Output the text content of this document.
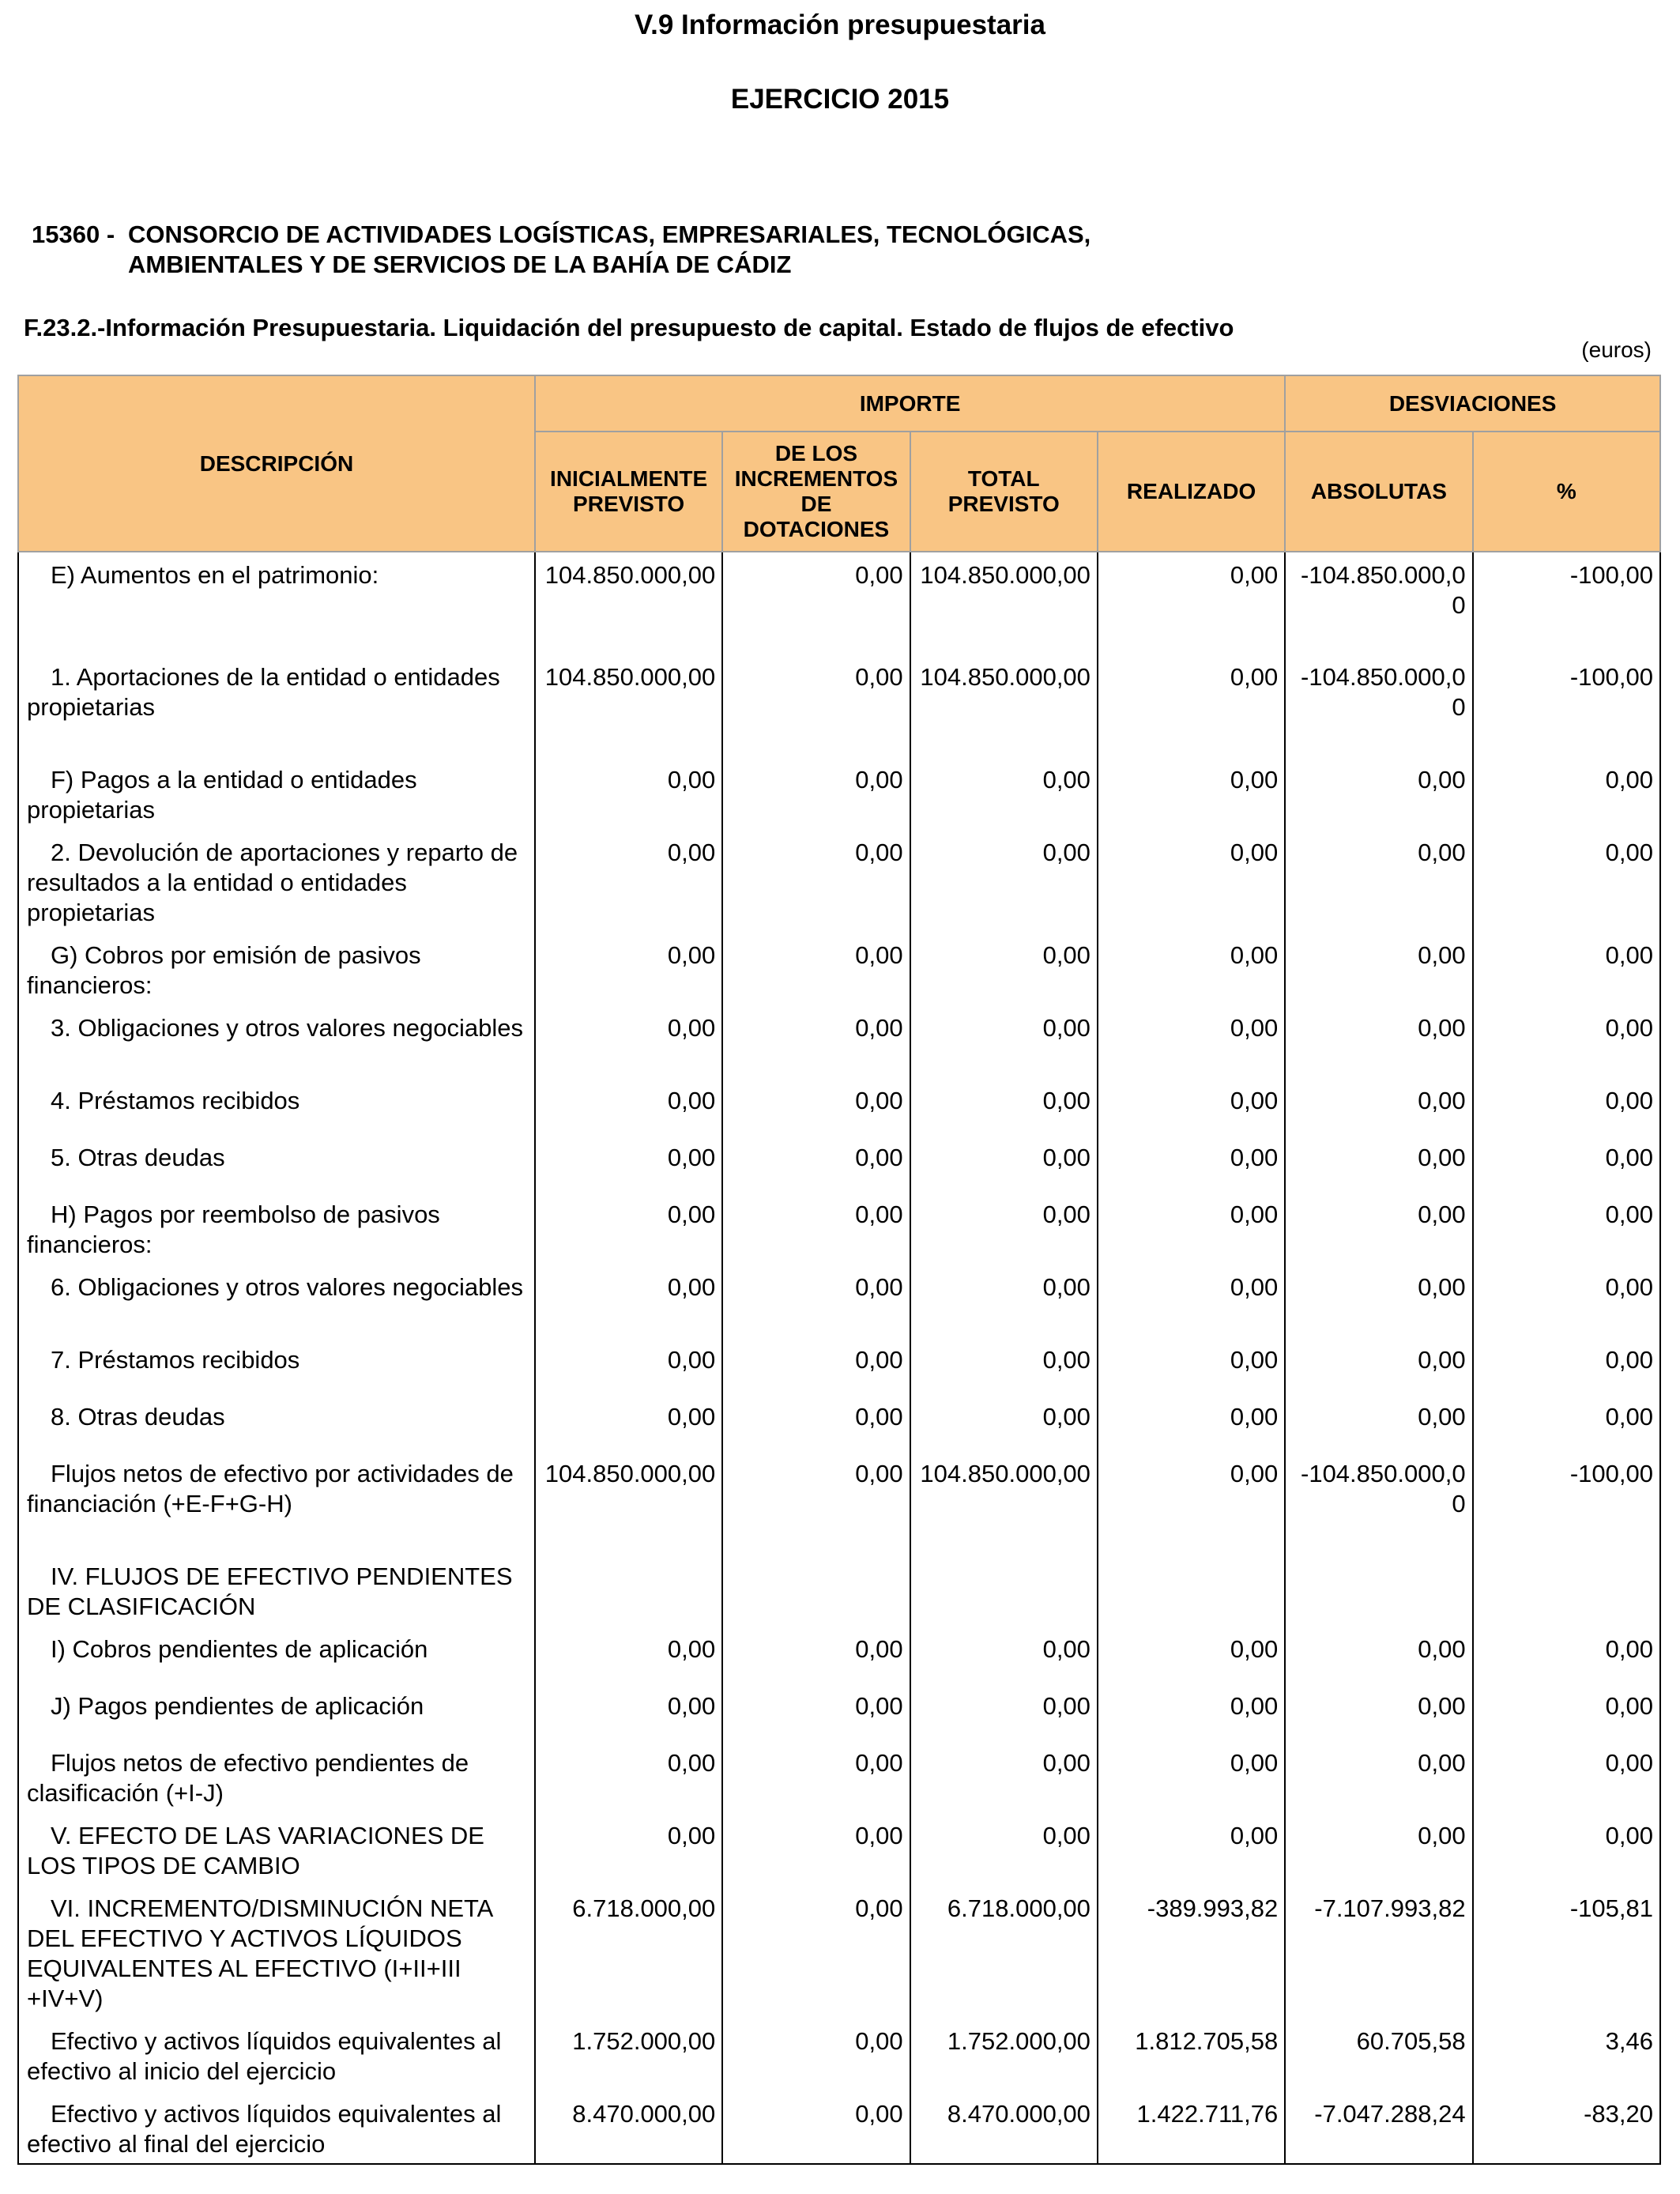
V.9 Información presupuestaria
EJERCICIO 2015
15360 - CONSORCIO DE ACTIVIDADES LOGÍSTICAS, EMPRESARIALES, TECNOLÓGICAS,
AMBIENTALES Y DE SERVICIOS DE LA BAHÍA DE CÁDIZ
F.23.2.-Información Presupuestaria. Liquidación del presupuesto de capital. Estado de flujos de efectivo
(euros)
DESCRIPCIÓN	IMPORTE				DESVIACIONES	
	INICIALMENTE PREVISTO	DE LOS INCREMENTOS DE DOTACIONES	TOTAL PREVISTO	REALIZADO	ABSOLUTAS	%
E) Aumentos en el patrimonio:	104.850.000,00	0,00	104.850.000,00	0,00	-104.850.000,00	-100,00
1. Aportaciones de la entidad o entidades propietarias	104.850.000,00	0,00	104.850.000,00	0,00	-104.850.000,00	-100,00
F) Pagos a la entidad o entidades propietarias	0,00	0,00	0,00	0,00	0,00	0,00
2. Devolución de aportaciones y reparto de resultados a la entidad o entidades propietarias	0,00	0,00	0,00	0,00	0,00	0,00
G) Cobros por emisión de pasivos financieros:	0,00	0,00	0,00	0,00	0,00	0,00
3. Obligaciones y otros valores negociables	0,00	0,00	0,00	0,00	0,00	0,00
4. Préstamos recibidos	0,00	0,00	0,00	0,00	0,00	0,00
5. Otras deudas	0,00	0,00	0,00	0,00	0,00	0,00
H) Pagos por reembolso de pasivos financieros:	0,00	0,00	0,00	0,00	0,00	0,00
6. Obligaciones y otros valores negociables	0,00	0,00	0,00	0,00	0,00	0,00
7. Préstamos recibidos	0,00	0,00	0,00	0,00	0,00	0,00
8. Otras deudas	0,00	0,00	0,00	0,00	0,00	0,00
Flujos netos de efectivo por actividades de financiación (+E-F+G-H)	104.850.000,00	0,00	104.850.000,00	0,00	-104.850.000,00	-100,00
IV. FLUJOS DE EFECTIVO PENDIENTES DE CLASIFICACIÓN						
I) Cobros pendientes de aplicación	0,00	0,00	0,00	0,00	0,00	0,00
J) Pagos pendientes de aplicación	0,00	0,00	0,00	0,00	0,00	0,00
Flujos netos de efectivo pendientes de clasificación (+I-J)	0,00	0,00	0,00	0,00	0,00	0,00
V. EFECTO DE LAS VARIACIONES DE LOS TIPOS DE CAMBIO	0,00	0,00	0,00	0,00	0,00	0,00
VI. INCREMENTO/DISMINUCIÓN NETA DEL EFECTIVO Y ACTIVOS LÍQUIDOS EQUIVALENTES AL EFECTIVO (I+II+III +IV+V)	6.718.000,00	0,00	6.718.000,00	-389.993,82	-7.107.993,82	-105,81
Efectivo y activos líquidos equivalentes al efectivo al inicio del ejercicio	1.752.000,00	0,00	1.752.000,00	1.812.705,58	60.705,58	3,46
Efectivo y activos líquidos equivalentes al efectivo al final del ejercicio	8.470.000,00	0,00	8.470.000,00	1.422.711,76	-7.047.288,24	-83,20
